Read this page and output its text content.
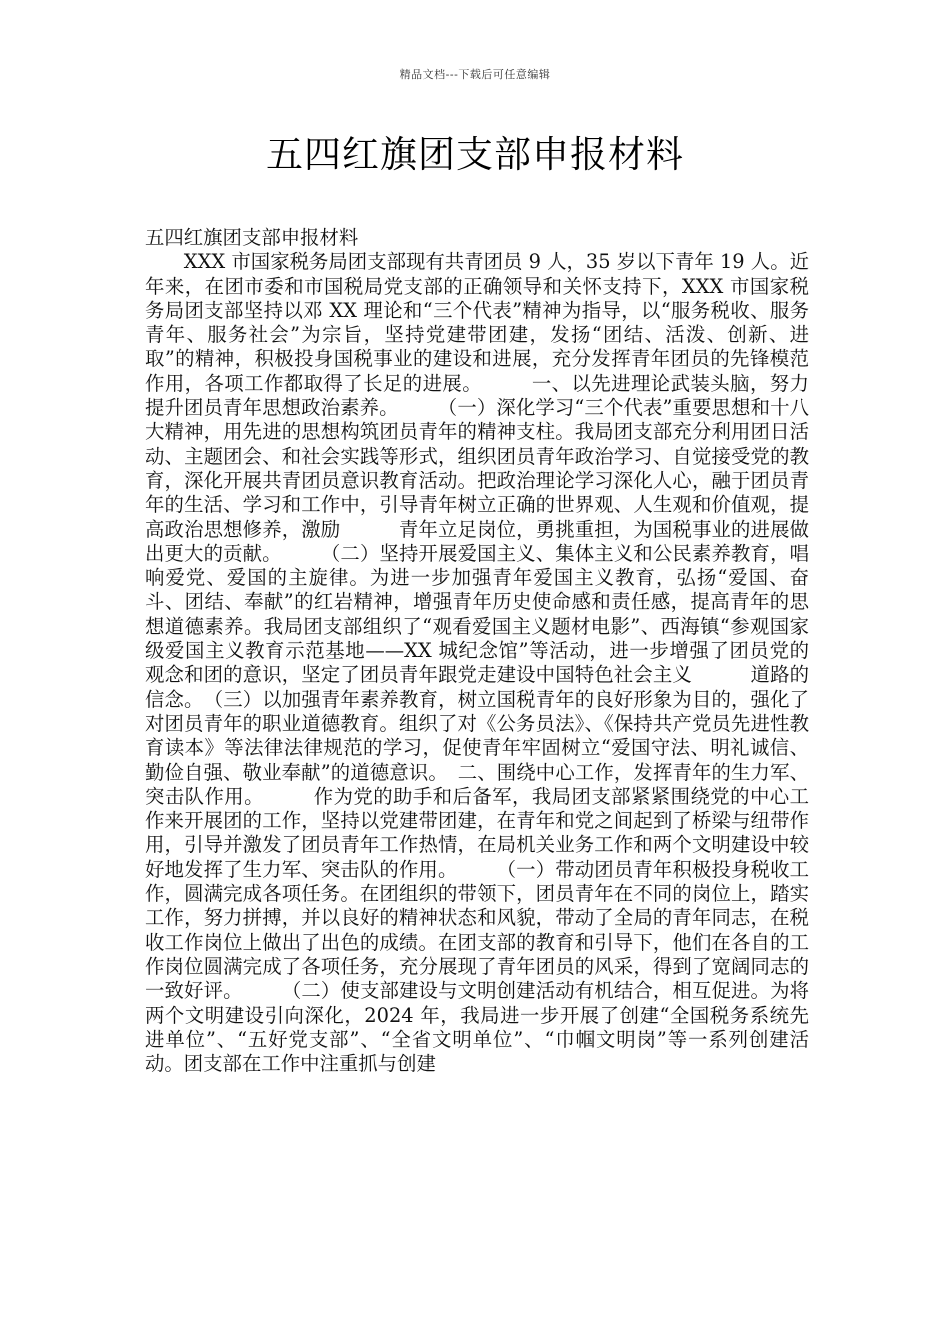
精品文档---下载后可任意编辑
五四红旗团支部申报材料
五四红旗团支部申报材料

XXX 市国家税务局团支部现有共青团员 9 人，35 岁以下青年 19 人。近年来，在团市委和市国税局党支部的正确领导和关怀支持下，XXX 市国家税务局团支部坚持以邓 XX 理论和“三个代表”精神为指导，以“服务税收、服务青年、服务社会”为宗旨，坚持党建带团建，发扬“团结、活泼、创新、进取”的精神，积极投身国税事业的建设和进展，充分发挥青年团员的先锋模范作用，各项工作都取得了长足的进展。　　　一、以先进理论武装头脑，努力提升团员青年思想政治素养。　　　（一）深化学习“三个代表”重要思想和十八大精神，用先进的思想构筑团员青年的精神支柱。我局团支部充分利用团日活动、主题团会、和社会实践等形式，组织团员青年政治学习、自觉接受党的教育，深化开展共青团员意识教育活动。把政治理论学习深化人心，融于团员青年的生活、学习和工作中，引导青年树立正确的世界观、人生观和价值观，提高政治思想修养，激励　　　青年立足岗位，勇挑重担，为国税事业的进展做出更大的贡献。　　　（二）坚持开展爱国主义、集体主义和公民素养教育，唱响爱党、爱国的主旋律。为进一步加强青年爱国主义教育，弘扬“爱国、奋斗、团结、奉献”的红岩精神，增强青年历史使命感和责任感，提高青年的思想道德素养。我局团支部组织了“观看爱国主义题材电影”、西海镇“参观国家级爱国主义教育示范基地——XX 城纪念馆”等活动，进一步增强了团员党的观念和团的意识，坚定了团员青年跟党走建设中国特色社会主义　　　道路的信念。　（三）以加强青年素养教育，树立国税青年的良好形象为目的，强化了对团员青年的职业道德教育。组织了对《公务员法》、《保持共产党员先进性教育读本》等法律法律规范的学习，促使青年牢固树立“爱国守法、明礼诚信、勤俭自强、敬业奉献”的道德意识。　二、围绕中心工作，发挥青年的生力军、突击队作用。　　　作为党的助手和后备军，我局团支部紧紧围绕党的中心工作来开展团的工作，坚持以党建带团建，在青年和党之间起到了桥梁与纽带作用，引导并激发了团员青年工作热情，在局机关业务工作和两个文明建设中较好地发挥了生力军、突击队的作用。　　　（一）带动团员青年积极投身税收工作，圆满完成各项任务。在团组织的带领下，团员青年在不同的岗位上，踏实工作，努力拼搏，并以良好的精神状态和风貌，带动了全局的青年同志，在税收工作岗位上做出了出色的成绩。在团支部的教育和引导下，他们在各自的工作岗位圆满完成了各项任务，充分展现了青年团员的风采，得到了宽阔同志的一致好评。　　　（二）使支部建设与文明创建活动有机结合，相互促进。为将两个文明建设引向深化，2024 年，我局进一步开展了创建“全国税务系统先进单位”、“五好党支部”、“全省文明单位”、“巾帼文明岗”等一系列创建活动。团支部在工作中注重抓与创建
